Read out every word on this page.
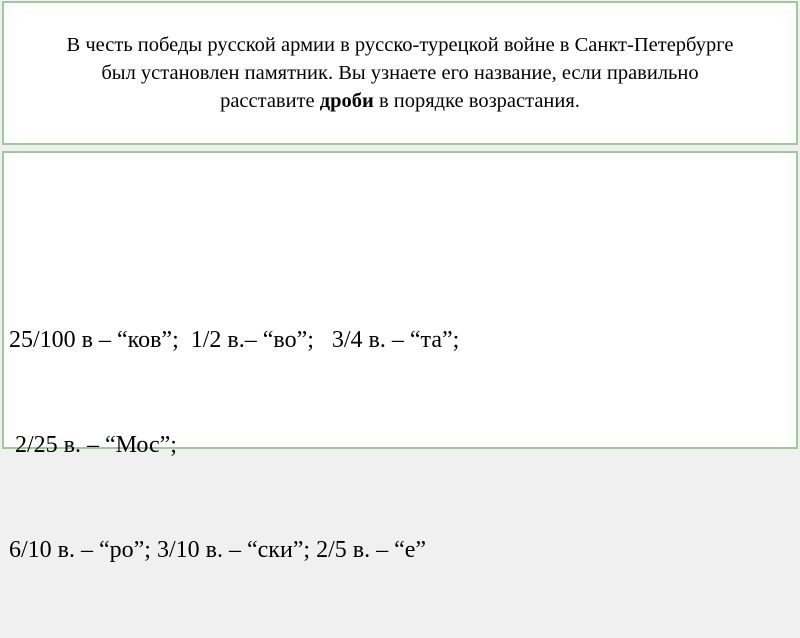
В честь победы русской армии в русско-турецкой войне в Санкт-Петербурге
был установлен памятник. Вы узнаете его название, если правильно
расставите дроби в порядке возрастания.

25/100 в – “ков”;  1/2 в.– “во”;   3/4 в. – “та”;

2/25 в. – “Мос”;

6/10 в. – “ро”; 3/10 в. – “ски”; 2/5 в. – “е”
